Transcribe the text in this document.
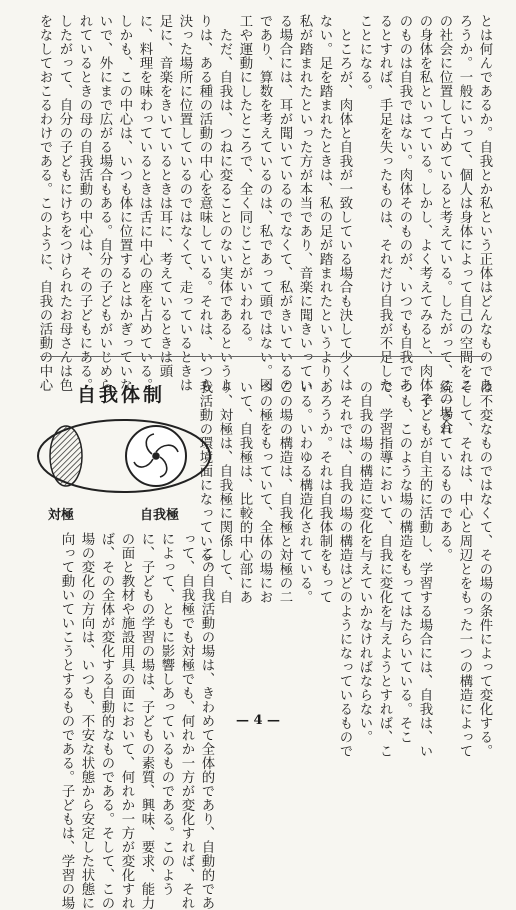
とは何んであるか。自我とか私という正体はどんなものであ

ろうか。一般にいって、個人は身体によって自己の空間をこ

の社会に位置して占めていると考えている。したがって、この場合

の身体を私といっている。しかし、よく考えてみると、肉体そ

のものは自我ではない。肉体そのものが、いつでも自我であ

るとすれば、手足を失ったものは、それだけ自我が不足した

ことになる。

　ところが、肉体と自我が一致している場合も決して少くは

ない。足を踏まれたときは、私の足が踏まれたというより、

私が踏まれたといった方が本当であり、音楽に聞きいってい

る場合には、耳が聞いているのでなくて、私がきいているの

であり、算数を考えているのは、私であって頭ではない。図

工や運動にしたところで、全く同じことがいわれる。

　ただ、自我は、つねに変ることのない実体であるというよ

りは、ある種の活動の中心を意味している。それは、いつも

決った場所に位置しているのではなくて、走っているときは

足に、音楽をきいているときは耳に、考えているときは頭

に、料理を味わっているときは舌に中心の座を占めている。

しかも、この中心は、いつも体に位置するとはかぎっていな

いで、外にまで広がる場合もある。自分の子どもがいじめら

れているときの母の自我活動の中心は、その子どもにある。

したがって、自分の子どもにけちをつけられたお母さんは色

をなしておこるわけである。このように、自我の活動の中心

は不変なものではなくて、その場の条件によって変化する。

そして、それは、中心と周辺とをもった一つの構造によって

統一されているものである。

　子どもが自主的に活動し、学習する場合には、自我は、い

つも、このような場の構造をもってはたらいている。そこ

で、学習指導において、自我に変化を与えようとすれば、こ

の自我の場の構造に変化を与えていかなければならない。

　それでは、自我の場の構造はどのようになっているもので

あろうか。それは自我体制をもって

いる。いわゆる構造化されている。

この場の構造は、自我極と対極の二

つの極をもっていて、全体の場にお

いて、自我極は、比較的中心部にあ

り、対極は、自我極に関係して、自

我活動の環境面になっている。

自我体制
対極	自我極

　この自我活動の場は、きわめて全体的であり、自動的であ

って、自我極でも対極でも、何れか一方が変化すれば、それ

によって、ともに影響しあっているものである。このよう

に、子どもの学習の場は、子どもの素質、興味、要求、能力

の面と教材や施設用具の面において、何れか一方が変化すれ

ば、その全体が変化する自動的なものである。そして、この

場の変化の方向は、いつも、不安な状態から安定した状態に

向って動いていこうとするものである。子どもは、学習の場	— 4 —
